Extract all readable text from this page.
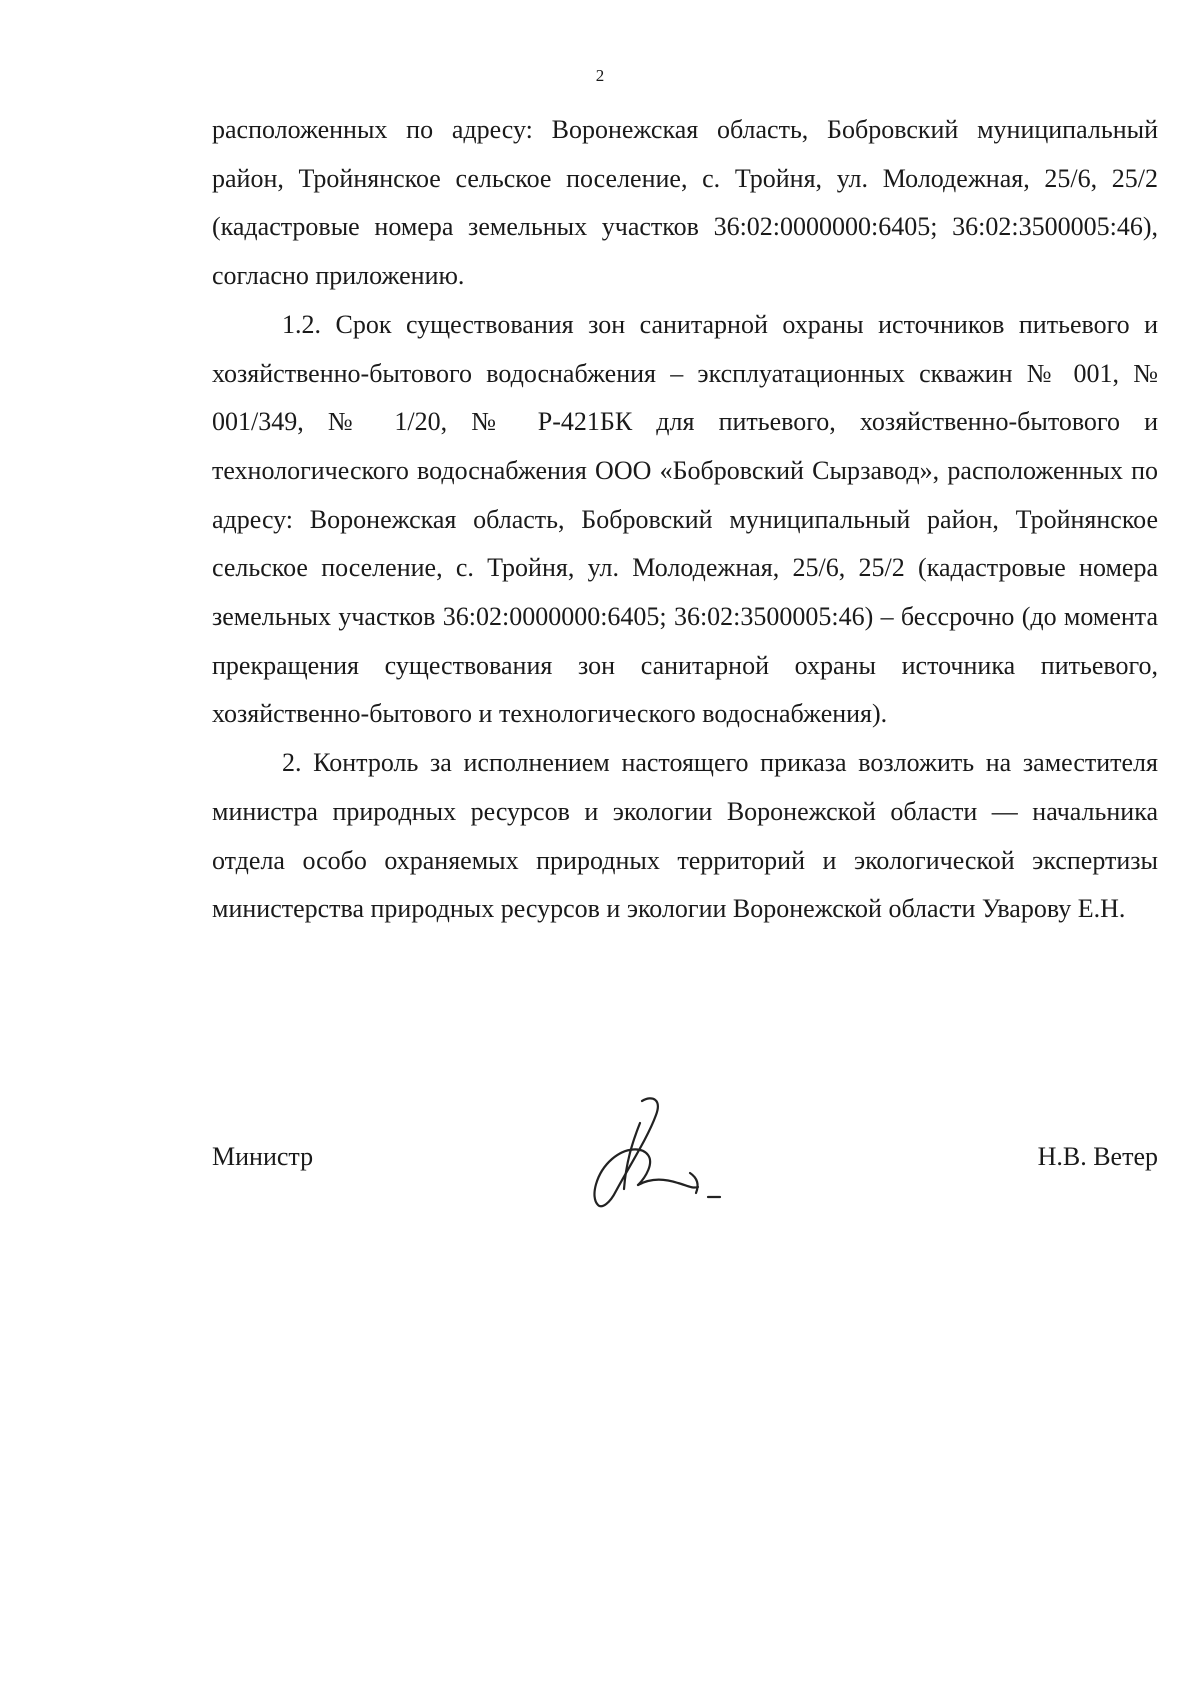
2

расположенных по адресу: Воронежская область, Бобровский муниципальный район, Тройнянское сельское поселение, с. Тройня, ул. Молодежная, 25/6, 25/2 (кадастровые номера земельных участков 36:02:0000000:6405; 36:02:3500005:46), согласно приложению.

1.2. Срок существования зон санитарной охраны источников питьевого и хозяйственно-бытового водоснабжения – эксплуатационных скважин № 001, № 001/349, № 1/20, № Р-421БК для питьевого, хозяйственно-бытового и технологического водоснабжения ООО «Бобровский Сырзавод», расположенных по адресу: Воронежская область, Бобровский муниципальный район, Тройнянское сельское поселение, с. Тройня, ул. Молодежная, 25/6, 25/2 (кадастровые номера земельных участков 36:02:0000000:6405; 36:02:3500005:46) – бессрочно (до момента прекращения существования зон санитарной охраны источника питьевого, хозяйственно-бытового и технологического водоснабжения).

2. Контроль за исполнением настоящего приказа возложить на заместителя министра природных ресурсов и экологии Воронежской области — начальника отдела особо охраняемых природных территорий и экологической экспертизы министерства природных ресурсов и экологии Воронежской области Уварову Е.Н.

Министр	Н.В. Ветер
